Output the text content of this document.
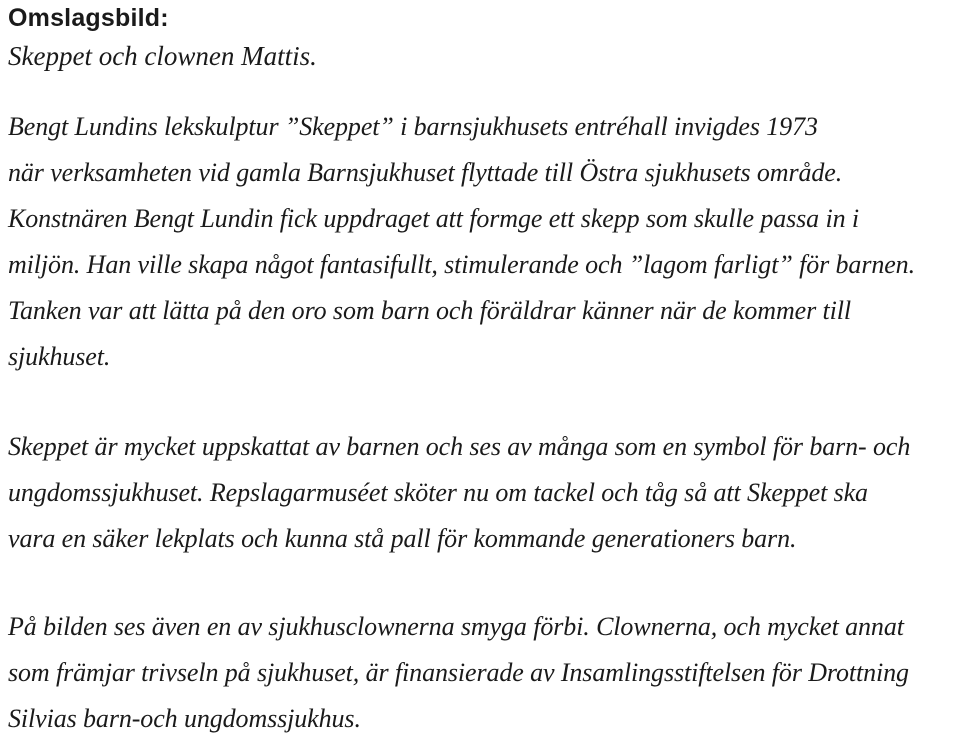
Omslagsbild:
Skeppet och clownen Mattis.

Bengt Lundins lekskulptur ”Skeppet” i barnsjukhusets entréhall invigdes 1973
när verksamheten vid gamla Barnsjukhuset flyttade till Östra sjukhusets område.
Konstnären Bengt Lundin fick uppdraget att formge ett skepp som skulle passa in i
miljön. Han ville skapa något fantasifullt, stimulerande och ”lagom farligt” för barnen.
Tanken var att lätta på den oro som barn och föräldrar känner när de kommer till
sjukhuset.

Skeppet är mycket uppskattat av barnen och ses av många som en symbol för barn- och
ungdomssjukhuset. Repslagarmuséet sköter nu om tackel och tåg så att Skeppet ska
vara en säker lekplats och kunna stå pall för kommande generationers barn.

På bilden ses även en av sjukhusclownerna smyga förbi. Clownerna, och mycket annat
som främjar trivseln på sjukhuset, är finansierade av Insamlingsstiftelsen för Drottning
Silvias barn-och ungdomssjukhus.
